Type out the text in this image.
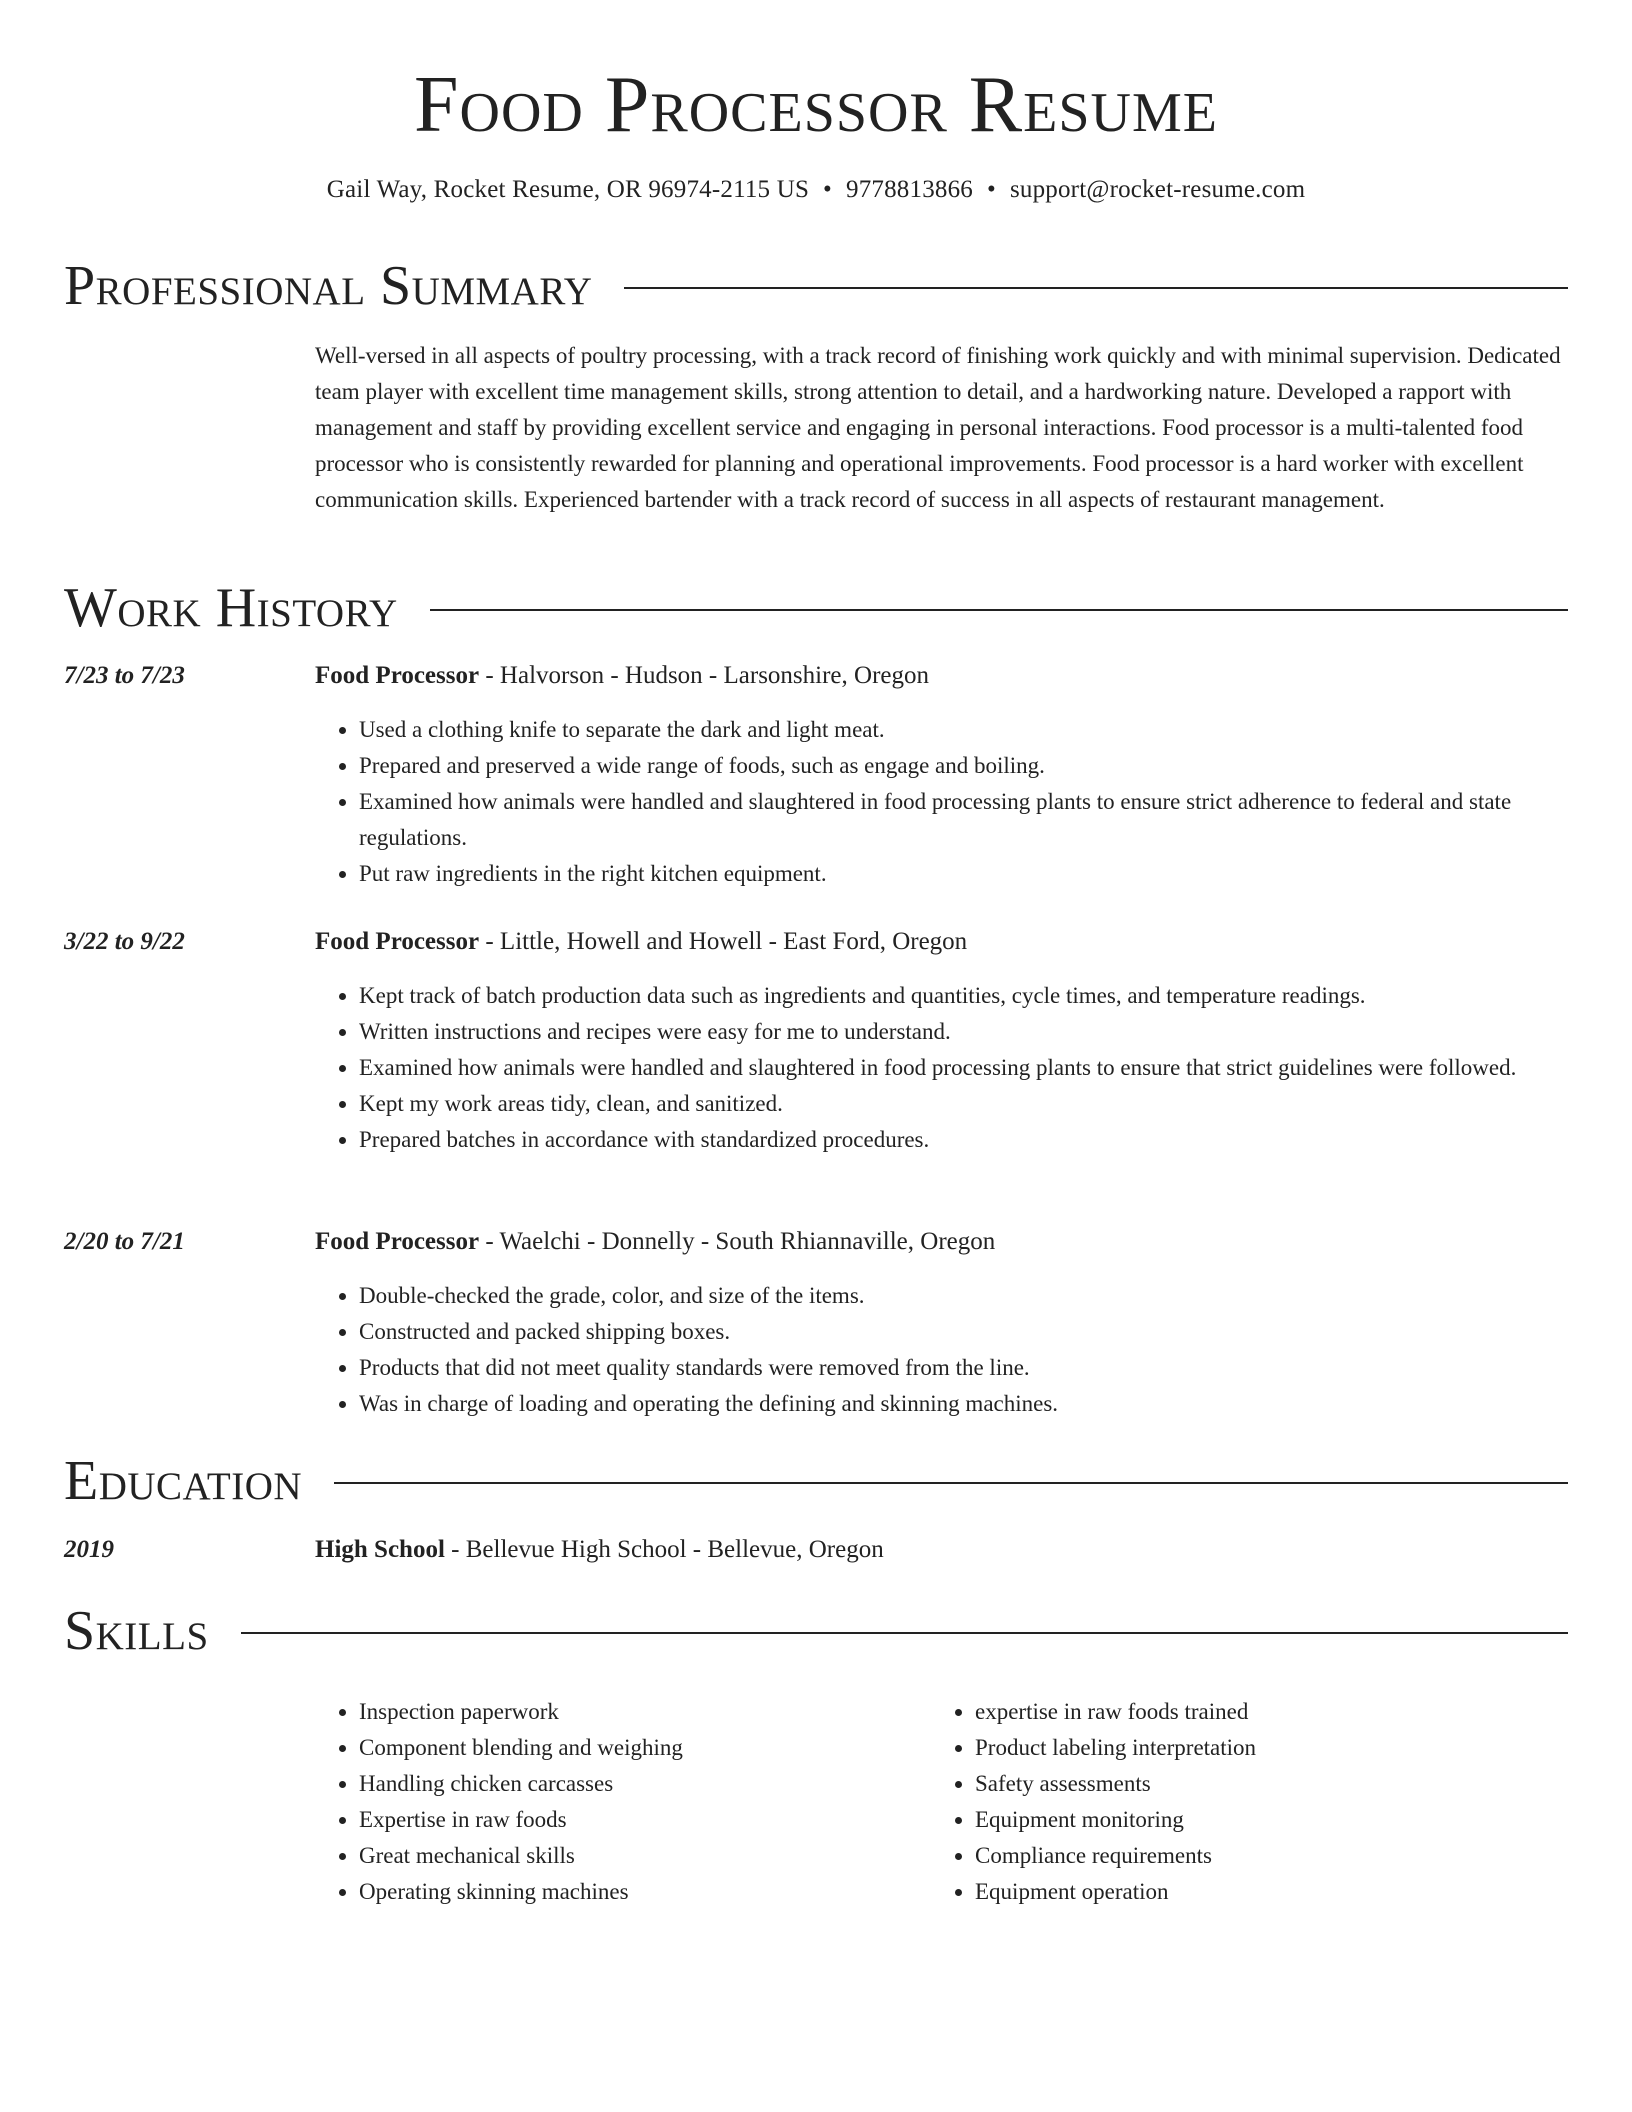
Food Processor Resume
Gail Way, Rocket Resume, OR 96974-2115 US • 9778813866 • support@rocket-resume.com
Professional Summary
Well-versed in all aspects of poultry processing, with a track record of finishing work quickly and with minimal supervision. Dedicated team player with excellent time management skills, strong attention to detail, and a hardworking nature. Developed a rapport with management and staff by providing excellent service and engaging in personal interactions. Food processor is a multi-talented food processor who is consistently rewarded for planning and operational improvements. Food processor is a hard worker with excellent communication skills. Experienced bartender with a track record of success in all aspects of restaurant management.
Work History
7/23 to 7/23	Food Processor - Halvorson - Hudson - Larsonshire, Oregon
• Used a clothing knife to separate the dark and light meat.
• Prepared and preserved a wide range of foods, such as engage and boiling.
• Examined how animals were handled and slaughtered in food processing plants to ensure strict adherence to federal and state regulations.
• Put raw ingredients in the right kitchen equipment.
3/22 to 9/22	Food Processor - Little, Howell and Howell - East Ford, Oregon
• Kept track of batch production data such as ingredients and quantities, cycle times, and temperature readings.
• Written instructions and recipes were easy for me to understand.
• Examined how animals were handled and slaughtered in food processing plants to ensure that strict guidelines were followed.
• Kept my work areas tidy, clean, and sanitized.
• Prepared batches in accordance with standardized procedures.
2/20 to 7/21	Food Processor - Waelchi - Donnelly - South Rhiannaville, Oregon
• Double-checked the grade, color, and size of the items.
• Constructed and packed shipping boxes.
• Products that did not meet quality standards were removed from the line.
• Was in charge of loading and operating the defining and skinning machines.
Education
2019	High School - Bellevue High School - Bellevue, Oregon
Skills
• Inspection paperwork
• Component blending and weighing
• Handling chicken carcasses
• Expertise in raw foods
• Great mechanical skills
• Operating skinning machines
• expertise in raw foods trained
• Product labeling interpretation
• Safety assessments
• Equipment monitoring
• Compliance requirements
• Equipment operation
